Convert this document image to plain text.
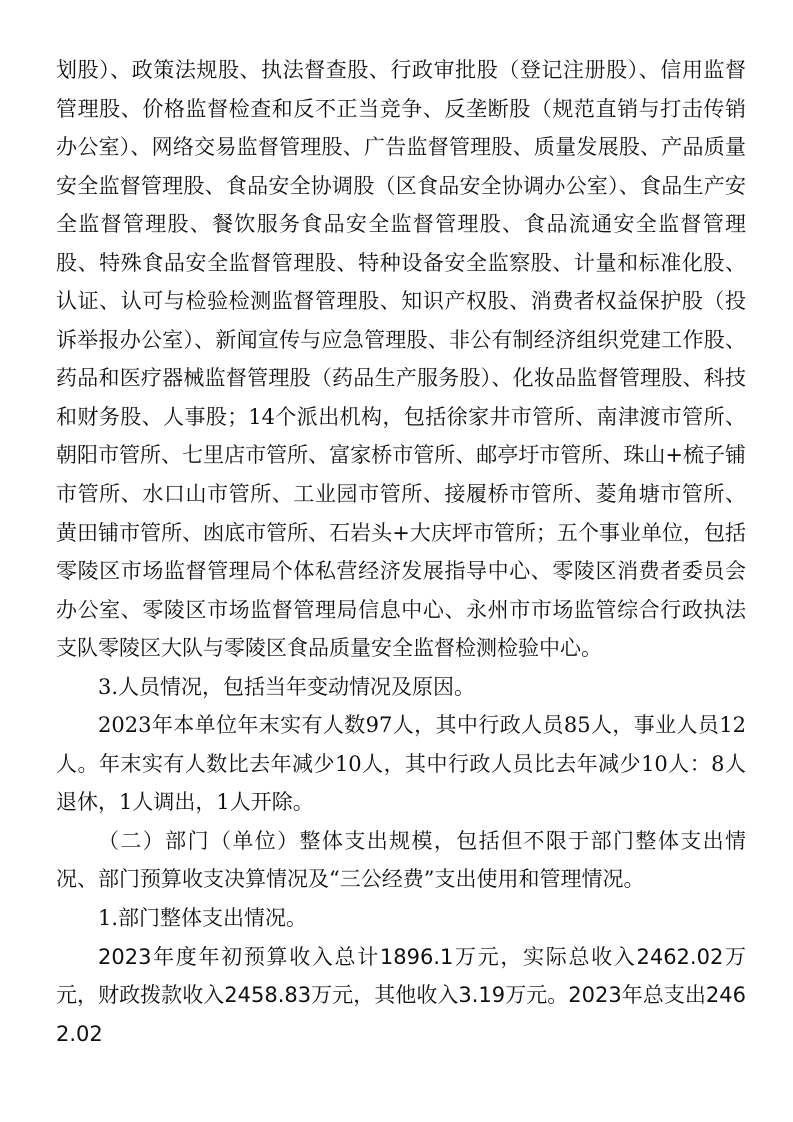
划股）、政策法规股、执法督查股、行政审批股（登记注册股）、信用监督管理股、价格监督检查和反不正当竞争、反垄断股（规范直销与打击传销办公室）、网络交易监督管理股、广告监督管理股、质量发展股、产品质量安全监督管理股、食品安全协调股（区食品安全协调办公室）、食品生产安全监督管理股、餐饮服务食品安全监督管理股、食品流通安全监督管理股、特殊食品安全监督管理股、特种设备安全监察股、计量和标准化股、认证、认可与检验检测监督管理股、知识产权股、消费者权益保护股（投诉举报办公室）、新闻宣传与应急管理股、非公有制经济组织党建工作股、药品和医疗器械监督管理股（药品生产服务股）、化妆品监督管理股、科技和财务股、人事股；14个派出机构，包括徐家井市管所、南津渡市管所、朝阳市管所、七里店市管所、富家桥市管所、邮亭圩市管所、珠山+梳子铺市管所、水口山市管所、工业园市管所、接履桥市管所、菱角塘市管所、黄田铺市管所、凼底市管所、石岩头+大庆坪市管所；五个事业单位，包括零陵区市场监督管理局个体私营经济发展指导中心、零陵区消费者委员会办公室、零陵区市场监督管理局信息中心、永州市市场监管综合行政执法支队零陵区大队与零陵区食品质量安全监督检测检验中心。

3.人员情况，包括当年变动情况及原因。

2023年本单位年末实有人数97人，其中行政人员85人，事业人员12人。年末实有人数比去年减少10人，其中行政人员比去年减少10人：8人退休，1人调出，1人开除。

（二）部门（单位）整体支出规模，包括但不限于部门整体支出情况、部门预算收支决算情况及“三公经费”支出使用和管理情况。

1.部门整体支出情况。

2023年度年初预算收入总计1896.1万元，实际总收入2462.02万元，财政拨款收入2458.83万元，其他收入3.19万元。2023年总支出2462.02
